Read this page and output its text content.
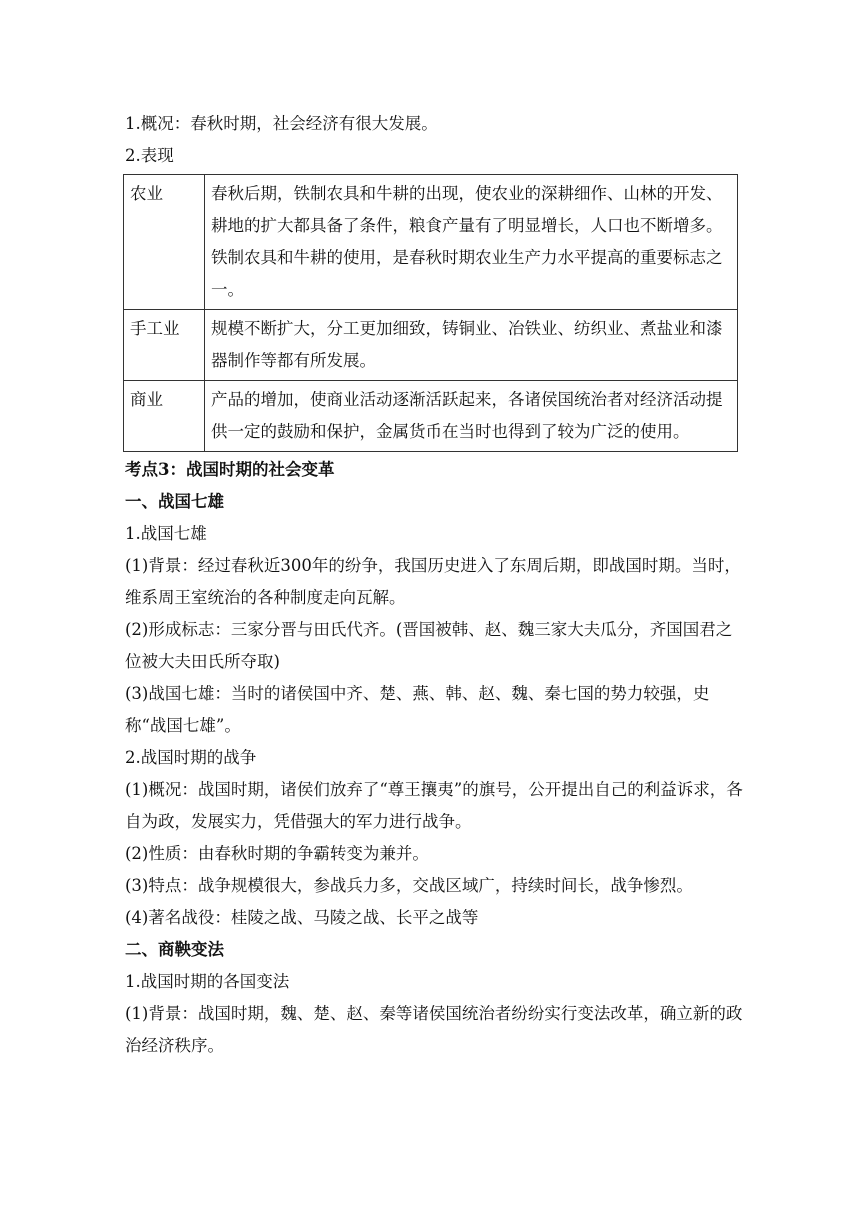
1.概况：春秋时期，社会经济有很大发展。

2.表现

农业	春秋后期，铁制农具和牛耕的出现，使农业的深耕细作、山林的开发、耕地的扩大都具备了条件，粮食产量有了明显增长，人口也不断增多。铁制农具和牛耕的使用，是春秋时期农业生产力水平提高的重要标志之一。
手工业	规模不断扩大，分工更加细致，铸铜业、冶铁业、纺织业、煮盐业和漆器制作等都有所发展。
商业	产品的增加，使商业活动逐渐活跃起来，各诸侯国统治者对经济活动提供一定的鼓励和保护，金属货币在当时也得到了较为广泛的使用。

考点3：战国时期的社会变革

一、战国七雄

1.战国七雄

(1)背景：经过春秋近300年的纷争，我国历史进入了东周后期，即战国时期。当时，维系周王室统治的各种制度走向瓦解。

(2)形成标志：三家分晋与田氏代齐。(晋国被韩、赵、魏三家大夫瓜分，齐国国君之位被大夫田氏所夺取)

(3)战国七雄：当时的诸侯国中齐、楚、燕、韩、赵、魏、秦七国的势力较强，史称“战国七雄”。

2.战国时期的战争

(1)概况：战国时期，诸侯们放弃了“尊王攘夷”的旗号，公开提出自己的利益诉求，各自为政，发展实力，凭借强大的军力进行战争。

(2)性质：由春秋时期的争霸转变为兼并。

(3)特点：战争规模很大，参战兵力多，交战区域广，持续时间长，战争惨烈。

(4)著名战役：桂陵之战、马陵之战、长平之战等

二、商鞅变法

1.战国时期的各国变法

(1)背景：战国时期，魏、楚、赵、秦等诸侯国统治者纷纷实行变法改革，确立新的政治经济秩序。
